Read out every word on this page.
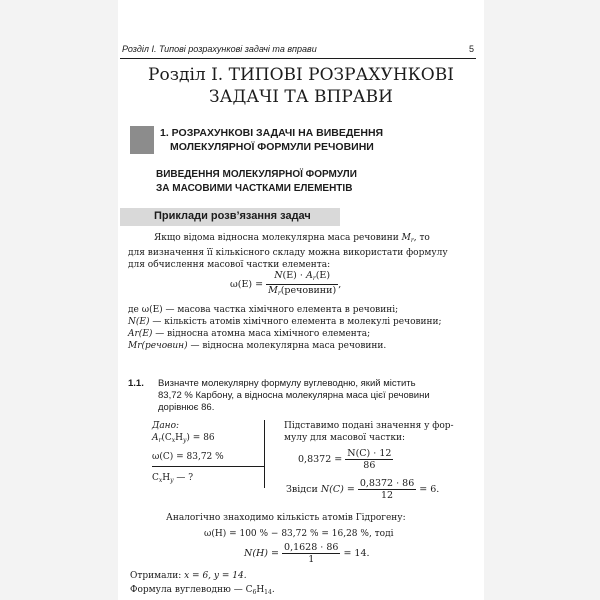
Розділ І. Типові розрахункові задачі та вправи	5
Розділ І. ТИПОВІ РОЗРАХУНКОВІ
ЗАДАЧІ ТА ВПРАВИ
1. РОЗРАХУНКОВІ ЗАДАЧІ НА ВИВЕДЕННЯ
МОЛЕКУЛЯРНОЇ ФОРМУЛИ РЕЧОВИНИ
ВИВЕДЕННЯ МОЛЕКУЛЯРНОЇ ФОРМУЛИ
ЗА МАСОВИМИ ЧАСТКАМИ ЕЛЕМЕНТІВ
Приклади розв’язання задач
Якщо відома відносна молекулярна маса речовини $M_r$, то
для визначення її кількісного складу можна використати формулу
для обчислення масової частки елемента:
$\omega(E) = \frac{N(E) \cdot A_r(E)}{M_r(речовини)}$ ,
де ω(E) — масова частка хімічного елемента в речовині;
N(E) — кількість атомів хімічного елемента в молекулі речовини;
Ar(E) — відносна атомна маса хімічного елемента;
Mr(речовин) — відносна молекулярна маса речовини.
1.1. Визначте молекулярну формулу вуглеводню, який містить
83,72 % Карбону, а відносна молекулярна маса цієї речовини
дорівнює 86.
Дано:
$A_r(C_xH_y) = 86$
ω(C) = 83,72 %
$C_xH_y$ — ?
Підставимо подані значення у фор-
мулу для масової частки:
$0,8372 = \frac{N(C) \cdot 12}{86}$
Звідси $N(C) = \frac{0,8372 \cdot 86}{12} = 6$.
Аналогічно знаходимо кількість атомів Гідрогену:
ω(H) = 100 % − 83,72 % = 16,28 %, тоді
$N(H) = \frac{0,1628 \cdot 86}{1} = 14$.
Отримали: x = 6, y = 14.
Формула вуглеводню — $C_6H_{14}$.
